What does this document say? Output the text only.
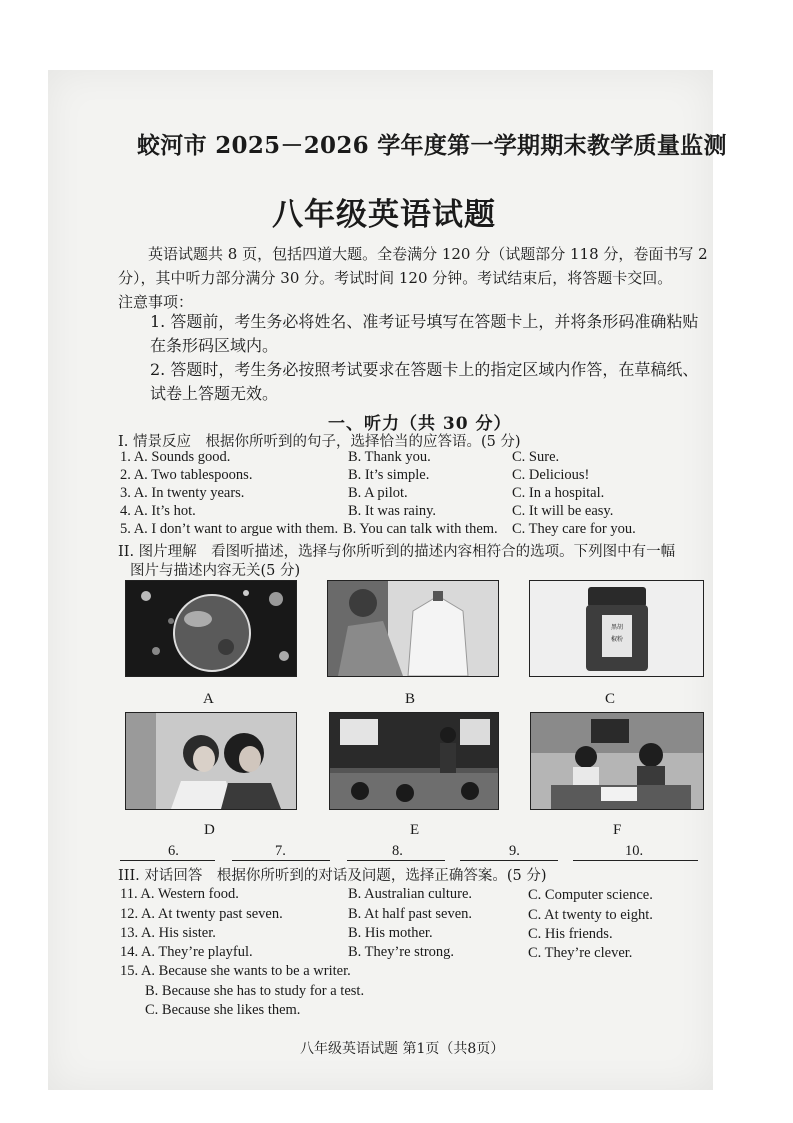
蛟河市 2025－2026 学年度第一学期期末教学质量监测
八年级英语试题
英语试题共 8 页，包括四道大题。全卷满分 120 分（试题部分 118 分，卷面书写 2 分），其中听力部分满分 30 分。考试时间 120 分钟。考试结束后，将答题卡交回。
注意事项：
1. 答题前，考生务必将姓名、准考证号填写在答题卡上，并将条形码准确粘贴在条形码区域内。
2. 答题时，考生务必按照考试要求在答题卡上的指定区域内作答，在草稿纸、试卷上答题无效。
一、听力（共 30 分）
I. 情景反应　根据你所听到的句子，选择恰当的应答语。(5 分)
1. A. Sounds good.	B. Thank you.	C. Sure.
2. A. Two tablespoons.	B. It’s simple.	C. Delicious!
3. A. In twenty years.	B. A pilot.	C. In a hospital.
4. A. It’s hot.	B. It was rainy.	C. It will be easy.
5. A. I don’t want to argue with them. B. You can talk with them. C. They care for you.
II. 图片理解　看图听描述，选择与你所听到的描述内容相符合的选项。下列图中有一幅
图片与描述内容无关(5 分)
A	B
黑胡
椒粉
C
D	E	F
6.	7.	8.	9.	10.
III. 对话回答　根据你所听到的对话及问题，选择正确答案。(5 分)
11. A. Western food.	B. Australian culture.	C. Computer science.
12. A. At twenty past seven.	B. At half past seven.	C. At twenty to eight.
13. A. His sister.	B. His mother.	C. His friends.
14. A. They’re playful.	B. They’re strong.	C. They’re clever.
15. A. Because she wants to be a writer.
B. Because she has to study for a test.
C. Because she likes them.
八年级英语试题 第1页（共8页）
